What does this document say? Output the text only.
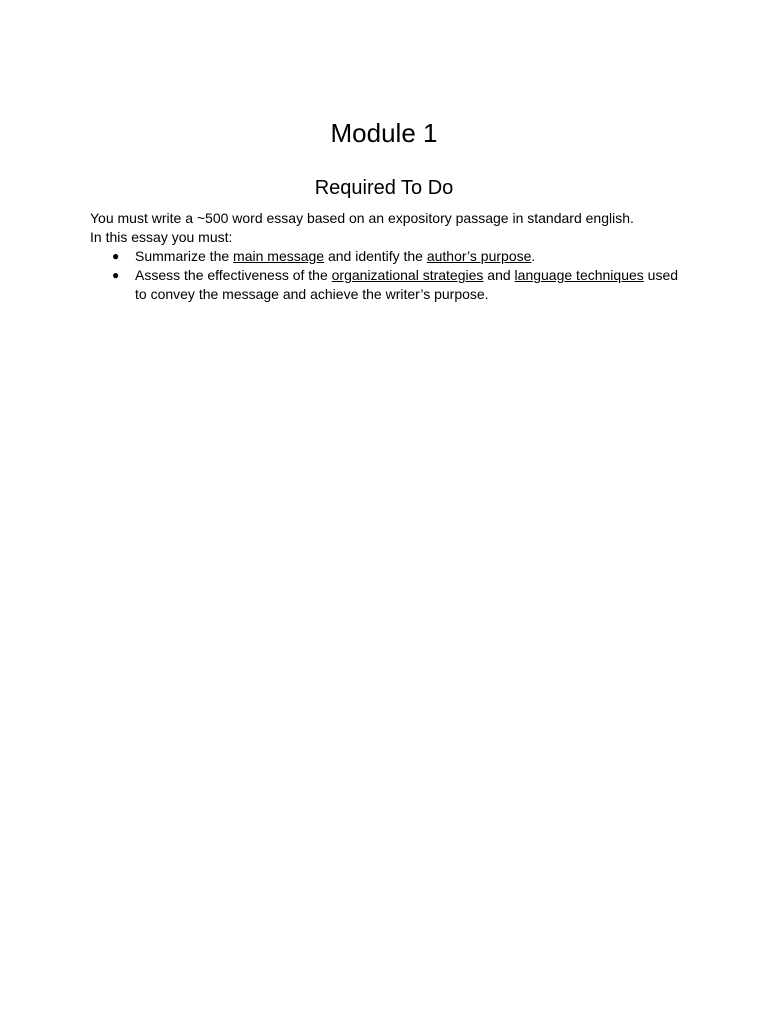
Module 1
Required To Do

You must write a ~500 word essay based on an expository passage in standard english.

In this essay you must:

● Summarize the main message and identify the author’s purpose.
● Assess the effectiveness of the organizational strategies and language techniques used to convey the message and achieve the writer’s purpose.
